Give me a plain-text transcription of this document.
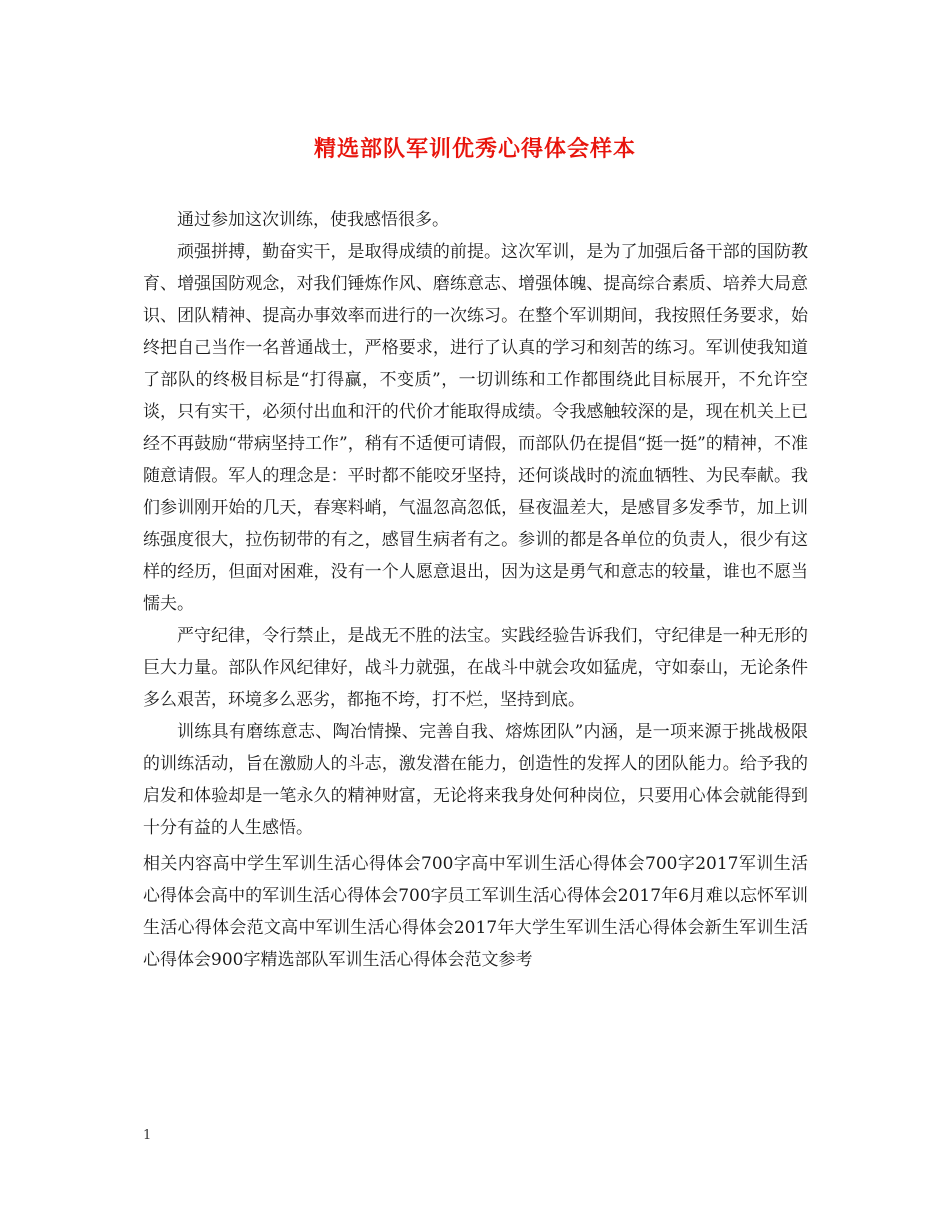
精选部队军训优秀心得体会样本

通过参加这次训练，使我感悟很多。

顽强拼搏，勤奋实干，是取得成绩的前提。这次军训，是为了加强后备干部的国防教育、增强国防观念，对我们锤炼作风、磨练意志、增强体魄、提高综合素质、培养大局意识、团队精神、提高办事效率而进行的一次练习。在整个军训期间，我按照任务要求，始终把自己当作一名普通战士，严格要求，进行了认真的学习和刻苦的练习。军训使我知道了部队的终极目标是“打得赢，不变质”，一切训练和工作都围绕此目标展开，不允许空谈，只有实干，必须付出血和汗的代价才能取得成绩。令我感触较深的是，现在机关上已经不再鼓励“带病坚持工作”，稍有不适便可请假，而部队仍在提倡“挺一挺”的精神，不准随意请假。军人的理念是：平时都不能咬牙坚持，还何谈战时的流血牺牲、为民奉献。我们参训刚开始的几天，春寒料峭，气温忽高忽低，昼夜温差大，是感冒多发季节，加上训练强度很大，拉伤韧带的有之，感冒生病者有之。参训的都是各单位的负责人，很少有这样的经历，但面对困难，没有一个人愿意退出，因为这是勇气和意志的较量，谁也不愿当懦夫。

严守纪律，令行禁止，是战无不胜的法宝。实践经验告诉我们，守纪律是一种无形的巨大力量。部队作风纪律好，战斗力就强，在战斗中就会攻如猛虎，守如泰山，无论条件多么艰苦，环境多么恶劣，都拖不垮，打不烂，坚持到底。

训练具有磨练意志、陶冶情操、完善自我、熔炼团队”内涵，是一项来源于挑战极限的训练活动，旨在激励人的斗志，激发潜在能力，创造性的发挥人的团队能力。给予我的启发和体验却是一笔永久的精神财富，无论将来我身处何种岗位，只要用心体会就能得到十分有益的人生感悟。

相关内容高中学生军训生活心得体会700字高中军训生活心得体会700字2017军训生活心得体会高中的军训生活心得体会700字员工军训生活心得体会2017年6月难以忘怀军训生活心得体会范文高中军训生活心得体会2017年大学生军训生活心得体会新生军训生活心得体会900字精选部队军训生活心得体会范文参考

1
